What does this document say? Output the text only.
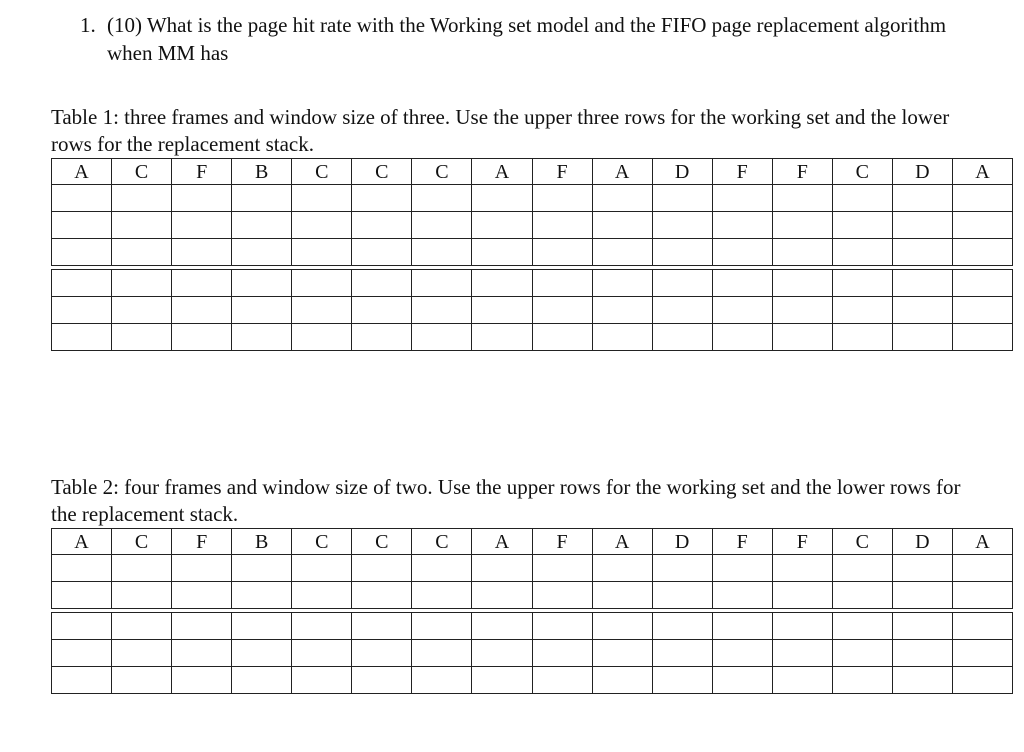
1. (10) What is the page hit rate with the Working set model and the FIFO page replacement algorithm when MM has
Table 1: three frames and window size of three. Use the upper three rows for the working set and the lower rows for the replacement stack.
A	C	F	B	C	C	C	A	F	A	D	F	F	C	D	A

Table 2: four frames and window size of two. Use the upper rows for the working set and the lower rows for the replacement stack.
A	C	F	B	C	C	C	A	F	A	D	F	F	C	D	A
